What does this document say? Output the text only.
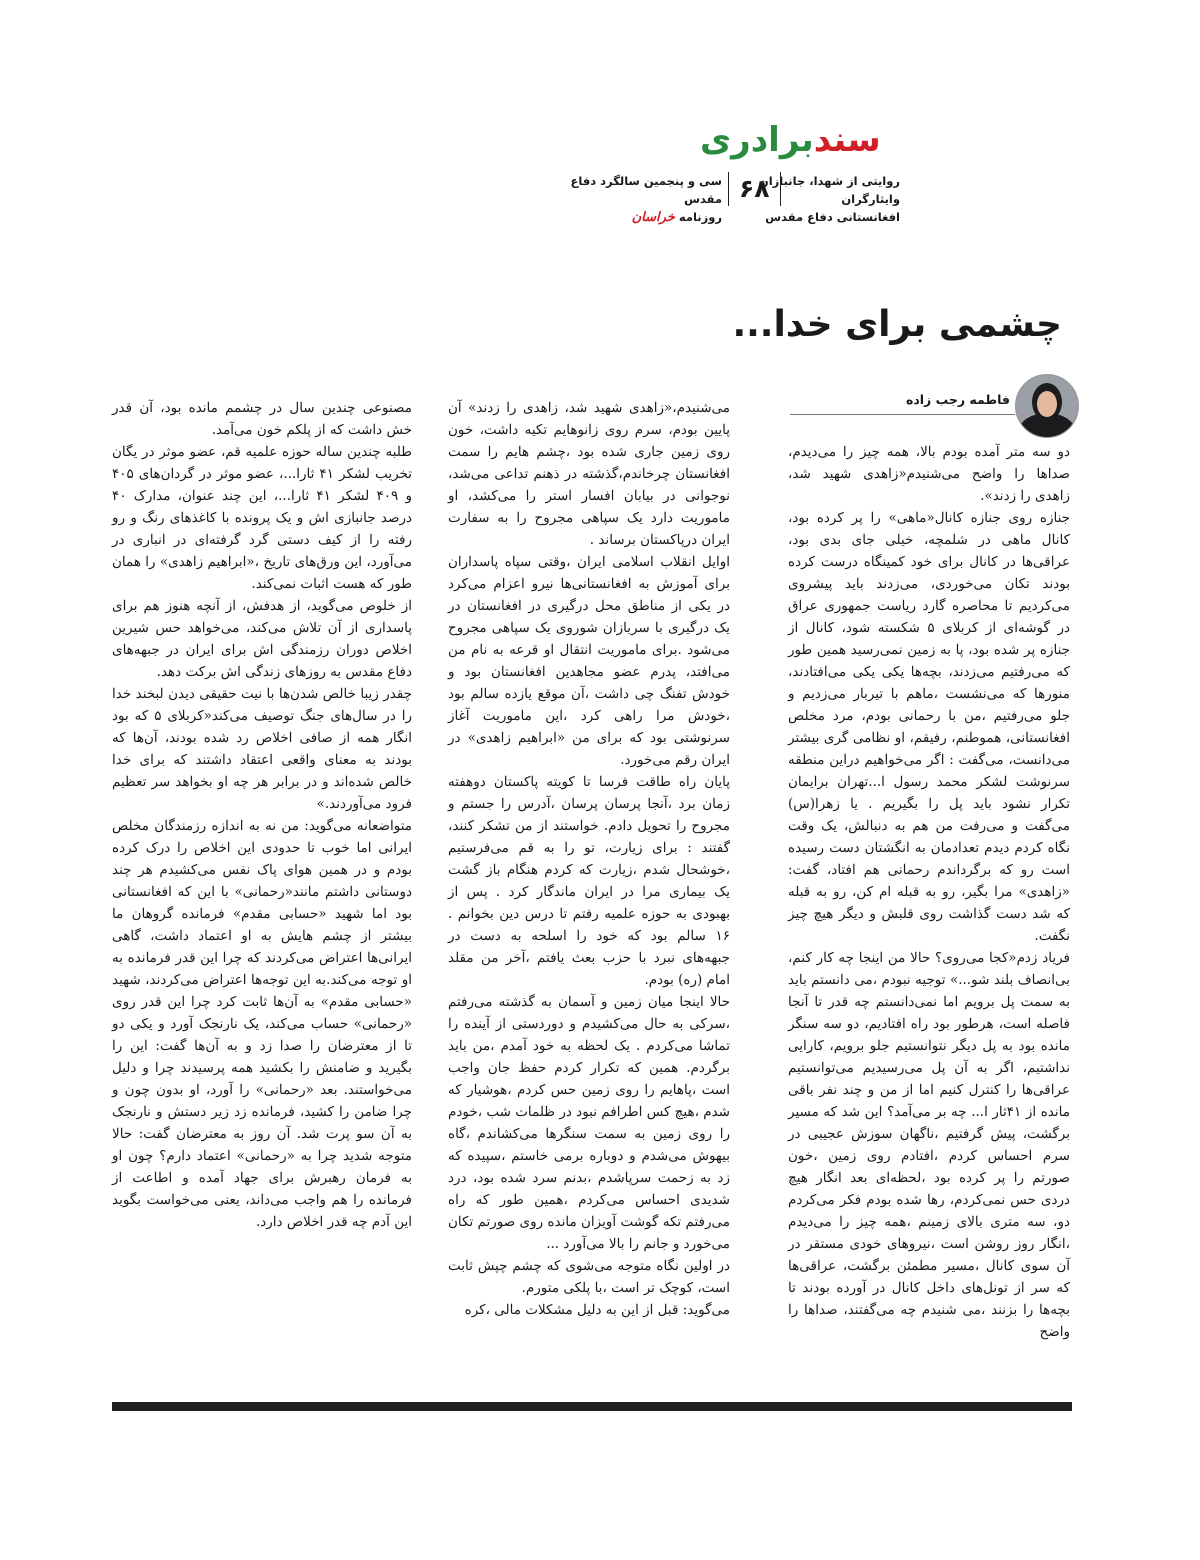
سندبرادری
روایتی از شهدا، جانبازان وایثارگران
افغانستانی دفاع مقدس
۶۸
سی و پنجمین سالگرد دفاع مقدس
روزنامه خراسان
چشمی برای خدا...
فاطمه رجب زاده

دو سه متر آمده بودم بالا، همه چیز را می‌دیدم، صداها را واضح می‌شنیدم«زاهدی شهید شد، زاهدی را زدند».

جنازه روی جنازه کانال«ماهی» را پر کرده بود، کانال ماهی در شلمچه، خیلی جای بدی بود، عراقی‌ها در کانال برای خود کمینگاه درست کرده بودند تکان می‌خوردی، می‌زدند باید پیشروی می‌کردیم تا محاصره گارد ریاست جمهوری عراق در گوشه‌ای از کربلای ۵ شکسته شود، کانال از جنازه پر شده بود، پا به زمین نمی‌رسید همین طور که می‌رفتیم می‌زدند، بچه‌ها یکی یکی می‌افتادند، منورها که می‌نشست ،ماهم با تیربار می‌زدیم و جلو می‌رفتیم ،من با رحمانی بودم، مرد مخلص افغانستانی، هموطنم، رفیقم، او نظامی گری بیشتر می‌دانست، می‌گفت : اگر می‌خواهیم دراین منطقه سرنوشت لشکر محمد رسول ا...تهران برایمان تکرار نشود باید پل را بگیریم . یا زهرا(س) می‌گفت و می‌رفت من هم به دنبالش، یک وقت نگاه کردم دیدم تعدادمان به انگشتان دست رسیده است رو که برگرداندم رحمانی هم افتاد، گفت: «زاهدی» مرا بگیر، رو به قبله ام کن، رو به قبله که شد دست گذاشت روی قلبش و دیگر هیچ چیز نگفت.

فریاد زدم«کجا می‌روی؟ حالا من اینجا چه کار کنم، بی‌انصاف بلند شو...» توجیه نبودم ،می دانستم باید به سمت پل برویم اما نمی‌دانستم چه قدر تا آنجا فاصله است، هرطور بود راه افتادیم، دو سه سنگر مانده بود به پل دیگر نتوانستیم جلو برویم، کارایی نداشتیم، اگر به آن پل می‌رسیدیم می‌توانستیم عراقی‌ها را کنترل کنیم اما از من و چند نفر باقی مانده از ۴۱ثار ا... چه بر می‌آمد؟ این شد که مسیر برگشت، پیش گرفتیم ،ناگهان سوزش عجیبی در سرم احساس کردم ،افتادم روی زمین ،خون صورتم را پر کرده بود ،لحظه‌ای بعد انگار هیچ دردی حس نمی‌کردم، رها شده بودم فکر می‌کردم دو، سه متری بالای زمینم ،همه چیز را می‌دیدم ،انگار روز روشن است ،نیروهای خودی مستقر در آن سوی کانال ،مسیر مطمئن برگشت، عراقی‌ها که سر از تونل‌های داخل کانال در آورده بودند تا بچه‌ها را بزنند ،می شنیدم چه می‌گفتند، صداها را واضح

می‌شنیدم،«زاهدی شهید شد، زاهدی را زدند» آن پایین بودم، سرم روی زانوهایم تکیه داشت، خون روی زمین جاری شده بود ،چشم هایم را سمت افغانستان چرخاندم،گذشته در ذهنم تداعی می‌شد، نوجوانی در بیابان افسار استر را می‌کشد، او ماموریت دارد یک سپاهی مجروح را به سفارت ایران درپاکستان برساند .

اوایل انقلاب اسلامی ایران ،وقتی سپاه پاسداران برای آموزش به افغانستانی‌ها نیرو اعزام می‌کرد در یکی از مناطق محل درگیری در افغانستان در یک درگیری با سربازان شوروی یک سپاهی مجروح می‌شود .برای ماموریت انتقال او قرعه به نام من می‌افتد، پدرم عضو مجاهدین افغانستان بود و خودش تفنگ چی داشت ،آن موقع یازده سالم بود ،خودش مرا راهی کرد ،این ماموریت آغاز سرنوشتی بود که برای من «ابراهیم زاهدی» در ایران رقم می‌خورد.

پایان راه طاقت فرسا تا کویته پاکستان دوهفته زمان برد ،آنجا پرسان پرسان ،آدرس را جستم و مجروح را تحویل دادم. خواستند از من تشکر کنند، گفتند : برای زیارت، تو را به قم می‌فرستیم ،خوشحال شدم ،زیارت که کردم هنگام باز گشت یک بیماری مرا در ایران ماندگار کرد . پس از بهبودی به حوزه علمیه رفتم تا درس دین بخوانم . ۱۶ سالم بود که خود را اسلحه به دست در جبهه‌های نبرد با حزب بعث یافتم ،آخر من مقلد امام (ره) بودم.

حالا اینجا میان زمین و آسمان به گذشته می‌رفتم ،سرکی به حال می‌کشیدم و دوردستی از آینده را تماشا می‌کردم . یک لحظه به خود آمدم ،من باید برگردم. همین که تکرار کردم حفظ جان واجب است ،پاهایم را روی زمین حس کردم ،هوشیار که شدم ،هیچ کس اطرافم نبود در ظلمات شب ،خودم را روی زمین به سمت سنگرها می‌کشاندم ،گاه بیهوش می‌شدم و دوباره برمی خاستم ،سپیده که زد به زحمت سرپاشدم ،بدنم سرد شده بود، درد شدیدی احساس می‌کردم ،همین طور که راه می‌رفتم تکه گوشت آویزان مانده روی صورتم تکان می‌خورد و جانم را بالا می‌آورد ...

در اولین نگاه متوجه می‌شوی که چشم چپش ثابت است، کوچک تر است ،با پلکی متورم.

می‌گوید: قبل از این به دلیل مشکلات مالی ،کره

مصنوعی چندین سال در چشمم مانده بود، آن قدر خش داشت که از پلکم خون می‌آمد.

طلبه چندین ساله حوزه علمیه قم، عضو موثر در یگان تخریب لشکر ۴۱ ثارا...، عضو موثر در گردان‌های ۴۰۵ و ۴۰۹ لشکر ۴۱ ثارا...، این چند عنوان، مدارک ۴۰ درصد جانبازی اش و یک پرونده با کاغذهای رنگ و رو رفته را از کیف دستی گرد گرفته‌ای در انباری در می‌آورد، این ورق‌های تاریخ ،«ابراهیم زاهدی» را همان طور که هست اثبات نمی‌کند.

از خلوص می‌گوید، از هدفش، از آنچه هنوز هم برای پاسداری از آن تلاش می‌کند، می‌خواهد حس شیرین اخلاص دوران رزمندگی اش برای ایران در جبهه‌های دفاع مقدس به روزهای زندگی اش برکت دهد.

چقدر زیبا خالص شدن‌ها با نیت حقیقی دیدن لبخند خدا را در سال‌های جنگ توصیف می‌کند«کربلای ۵ که بود انگار همه از صافی اخلاص رد شده بودند، آن‌ها که بودند به معنای واقعی اعتقاد داشتند که برای خدا خالص شده‌اند و در برابر هر چه او بخواهد سر تعظیم فرود می‌آوردند.»

متواضعانه می‌گوید: من نه به اندازه رزمندگان مخلص ایرانی اما خوب تا حدودی این اخلاص را درک کرده بودم و در همین هوای پاک نفس می‌کشیدم هر چند دوستانی داشتم مانند«رحمانی» با این که افغانستانی بود اما شهید «حسابی مقدم» فرمانده گروهان ما بیشتر از چشم هایش به او اعتماد داشت، گاهی ایرانی‌ها اعتراض می‌کردند که چرا این قدر فرمانده به او توجه می‌کند.به این توجه‌ها اعتراض می‌کردند، شهید «حسابی مقدم» به آن‌ها ثابت کرد چرا این قدر روی «رحمانی» حساب می‌کند، یک نارنجک آورد و یکی دو تا از معترضان را صدا زد و به آن‌ها گفت: این را بگیرید و ضامنش را بکشید همه پرسیدند چرا و دلیل می‌خواستند. بعد «رحمانی» را آورد، او بدون چون و چرا ضامن را کشید، فرمانده زد زیر دستش و نارنجک به آن سو پرت شد. آن روز به معترضان گفت: حالا متوجه شدید چرا به «رحمانی» اعتماد دارم؟ چون او به فرمان رهبرش برای جهاد آمده و اطاعت از فرمانده را هم واجب می‌داند، یعنی می‌خواست بگوید این آدم چه قدر اخلاص دارد.
